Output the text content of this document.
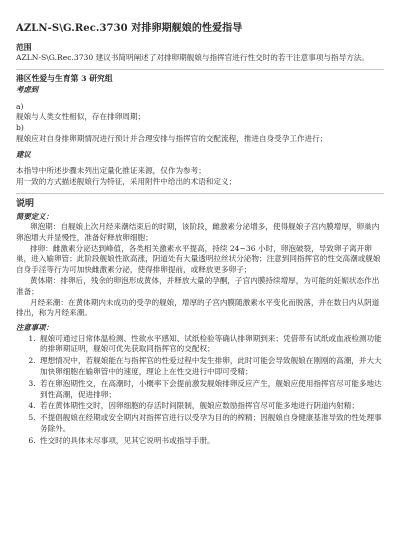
AZLN-S\G.Rec.3730 对排卵期舰娘的性爱指导
范围

AZLN-S\G.Rec.3730 建议书简明阐述了对排卵期舰娘与指挥官进行性交时的若干注意事项与指导方法。

港区性爱与生育第 3 研究组
考虑到

a)

舰娘与人类女性相似，存在排卵周期；

b)

舰娘应对自身排卵期情况进行预计并合理安排与指挥官的交配流程，推进自身受孕工作进行；

建议

本指导中所述步骤未列出定量化推证来源，仅作为参考；

用一致的方式描述舰娘行为特征，采用附件中给出的术语和定义；

说明
简要定义：

卵泡期：自舰娘上次月经来潮结束后的时期，该阶段，雌激素分泌增多，使得舰娘子宫内膜增厚，卵巢内卵泡增大并显慢性，准备好释放卵细胞；

排卵：雌激素分泌达到峰值，各类相关激素水平提高，持续 24~36 小时，卵泡破裂，导致卵子离开卵巢，进入输卵管；此阶段舰娘性欲高涨，阴道处有大量透明拉丝状分泌物；注意到同指挥官的性交高潮或舰娘自身手淫等行为可加快雌激素分泌，使得排卵提前，或释放更多卵子；

黄体期：排卵后，残余的卵泡形成黄体，并释放大量的孕酮，子宫内膜持续增厚，为可能的妊娠状态作出准备；

月经来潮：在黄体期内未成功的受孕的舰娘，增厚的子宫内膜随激素水平变化而脱落，并在数日内从阴道排出，称为月经来潮。

注意事项：
1. 舰娘可通过日常体温检测、性欲水平感知、试纸检验等确认排卵期到来；凭借带有试纸或血液检测功能的排卵期证明，舰娘可优先获取同指挥官的交配权；
2. 理想情况中，若舰娘能在与指挥官的性爱过程中发生排卵，此时可能会导致舰娘在刚刚的高潮，并大大加快卵细胞在输卵管中的速度，理论上在性交进行中即可受精；
3. 若在卵泡期性交，在高潮时，小概率下会提前激发舰娘排卵反应产生，舰娘应使用指挥官尽可能多地达到性高潮，促进排卵；
4. 若在黄体期性交时，因卵细胞的存活时间限制，舰娘应数励指挥官尽可能多地进行阴道内射精；
5. 不提倡舰娘在经期或安全期内对指挥官进行以受孕为目的的榨精；因舰娘自身健康基准导致的性处理事务除外。
6. 性交时的具体未尽事项，见其它说明书或指导手册。
